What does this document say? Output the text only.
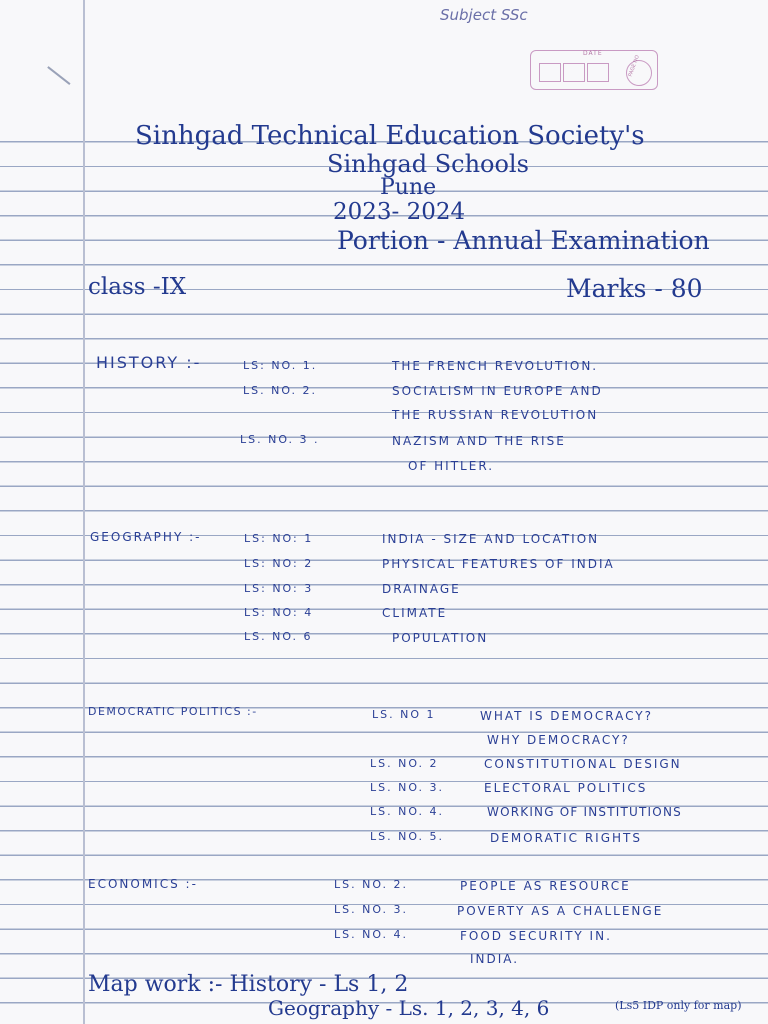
Subject SSc
DATE
PAGE NO
Sinhgad Technical Education Society's
Sinhgad Schools
Pune
2023- 2024
Portion - Annual Examination
class -IX	Marks - 80
HISTORY :-	LS: NO. 1.	THE FRENCH REVOLUTION.
LS. NO. 2.	SOCIALISM IN EUROPE AND
THE RUSSIAN REVOLUTION
LS. NO. 3 .	NAZISM AND THE RISE
OF HITLER.
GEOGRAPHY :-	LS: NO: 1	INDIA - SIZE AND LOCATION
LS: NO: 2	PHYSICAL FEATURES OF INDIA
LS: NO: 3	DRAINAGE
LS: NO: 4	CLIMATE
LS. NO. 6	POPULATION
DEMOCRATIC POLITICS :-	LS. NO 1	WHAT IS DEMOCRACY?
WHY DEMOCRACY?
LS. NO. 2	CONSTITUTIONAL DESIGN
LS. NO. 3.	ELECTORAL POLITICS
LS. NO. 4.	WORKING OF INSTITUTIONS
LS. NO. 5.	DEMORATIC RIGHTS
ECONOMICS :-	LS. NO. 2.	PEOPLE AS RESOURCE
LS. NO. 3.	POVERTY AS A CHALLENGE
LS. NO. 4.	FOOD SECURITY IN.
INDIA.
Map work :- History - Ls 1, 2
Geography - Ls. 1, 2, 3, 4, 6	(Ls5 IDP only for map)
